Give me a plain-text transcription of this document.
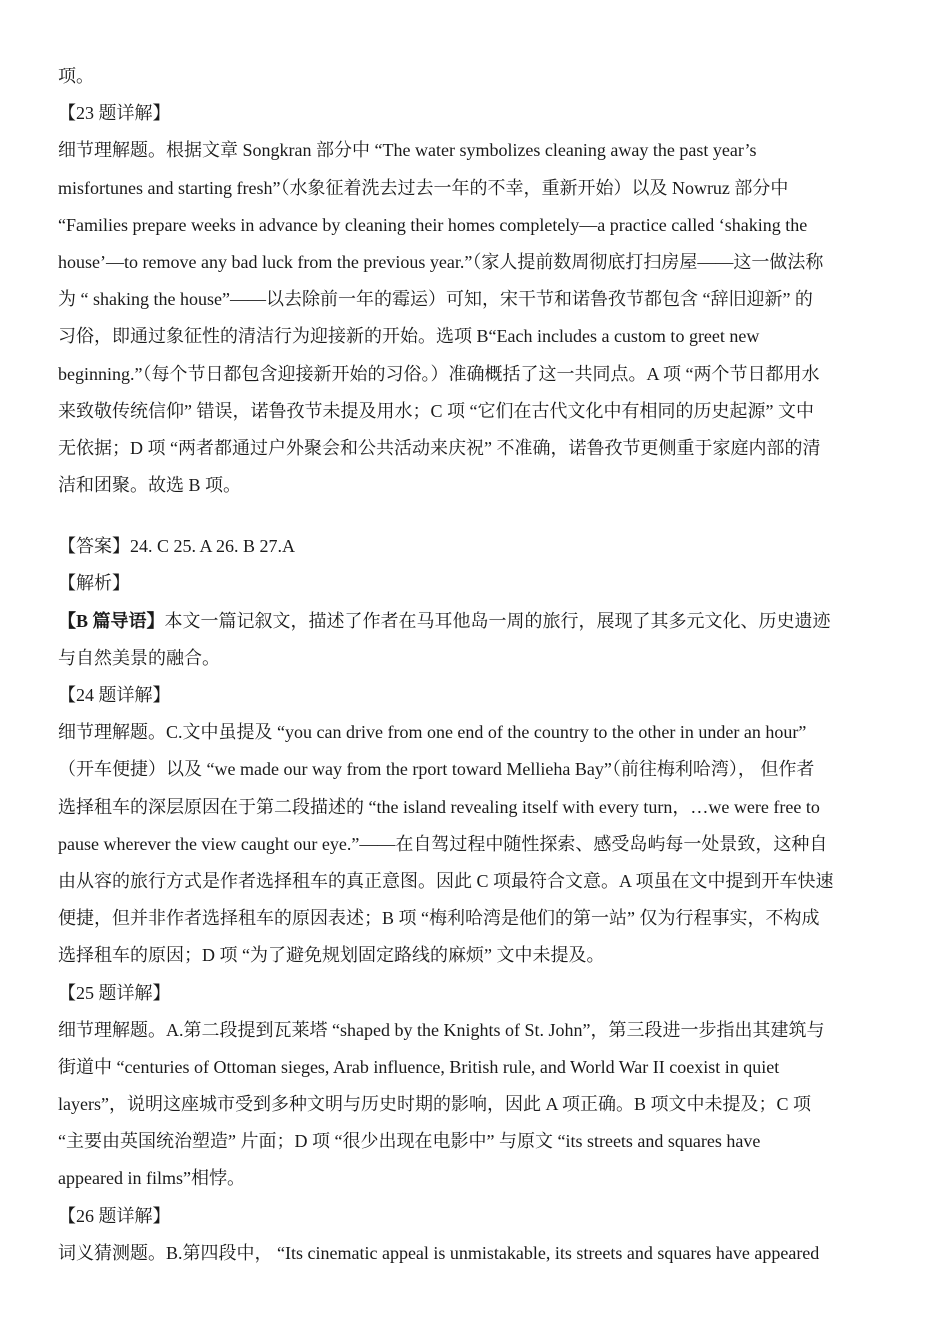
项。
【23 题详解】
细节理解题。根据文章 Songkran 部分中 “The water symbolizes cleaning away the past year’s
misfortunes and starting fresh”（水象征着洗去过去一年的不幸，重新开始）以及 Nowruz 部分中
“Families prepare weeks in advance by cleaning their homes completely—a practice called ‘shaking the
house’—to remove any bad luck from the previous year.”（家人提前数周彻底打扫房屋——这一做法称
为 “ shaking the house”——以去除前一年的霉运）可知，宋干节和诺鲁孜节都包含 “辞旧迎新” 的
习俗，即通过象征性的清洁行为迎接新的开始。选项 B“Each includes a custom to greet new
beginning.”（每个节日都包含迎接新开始的习俗。）准确概括了这一共同点。A 项 “两个节日都用水
来致敬传统信仰” 错误，诺鲁孜节未提及用水；C 项 “它们在古代文化中有相同的历史起源” 文中
无依据；D 项 “两者都通过户外聚会和公共活动来庆祝” 不准确，诺鲁孜节更侧重于家庭内部的清
洁和团聚。故选 B 项。
【答案】24. C 25. A 26. B 27.A
【解析】
【B 篇导语】本文一篇记叙文，描述了作者在马耳他岛一周的旅行，展现了其多元文化、历史遗迹
与自然美景的融合。
【24 题详解】
细节理解题。C.文中虽提及 “you can drive from one end of the country to the other in under an hour”
（开车便捷）以及 “we made our way from the rport toward Mellieha Bay”（前往梅利哈湾）， 但作者
选择租车的深层原因在于第二段描述的 “the island revealing itself with every turn，…we were free to
pause wherever the view caught our eye.”——在自驾过程中随性探索、感受岛屿每一处景致，这种自
由从容的旅行方式是作者选择租车的真正意图。因此 C 项最符合文意。A 项虽在文中提到开车快速
便捷，但并非作者选择租车的原因表述；B 项 “梅利哈湾是他们的第一站” 仅为行程事实，不构成
选择租车的原因；D 项 “为了避免规划固定路线的麻烦” 文中未提及。
【25 题详解】
细节理解题。A.第二段提到瓦莱塔 “shaped by the Knights of St. John”，第三段进一步指出其建筑与
街道中 “centuries of Ottoman sieges, Arab influence, British rule, and World War II coexist in quiet
layers”，说明这座城市受到多种文明与历史时期的影响，因此 A 项正确。B 项文中未提及；C 项
“主要由英国统治塑造” 片面；D 项 “很少出现在电影中” 与原文 “its streets and squares have
appeared in films”相悖。
【26 题详解】
词义猜测题。B.第四段中， “Its cinematic appeal is unmistakable, its streets and squares have appeared
